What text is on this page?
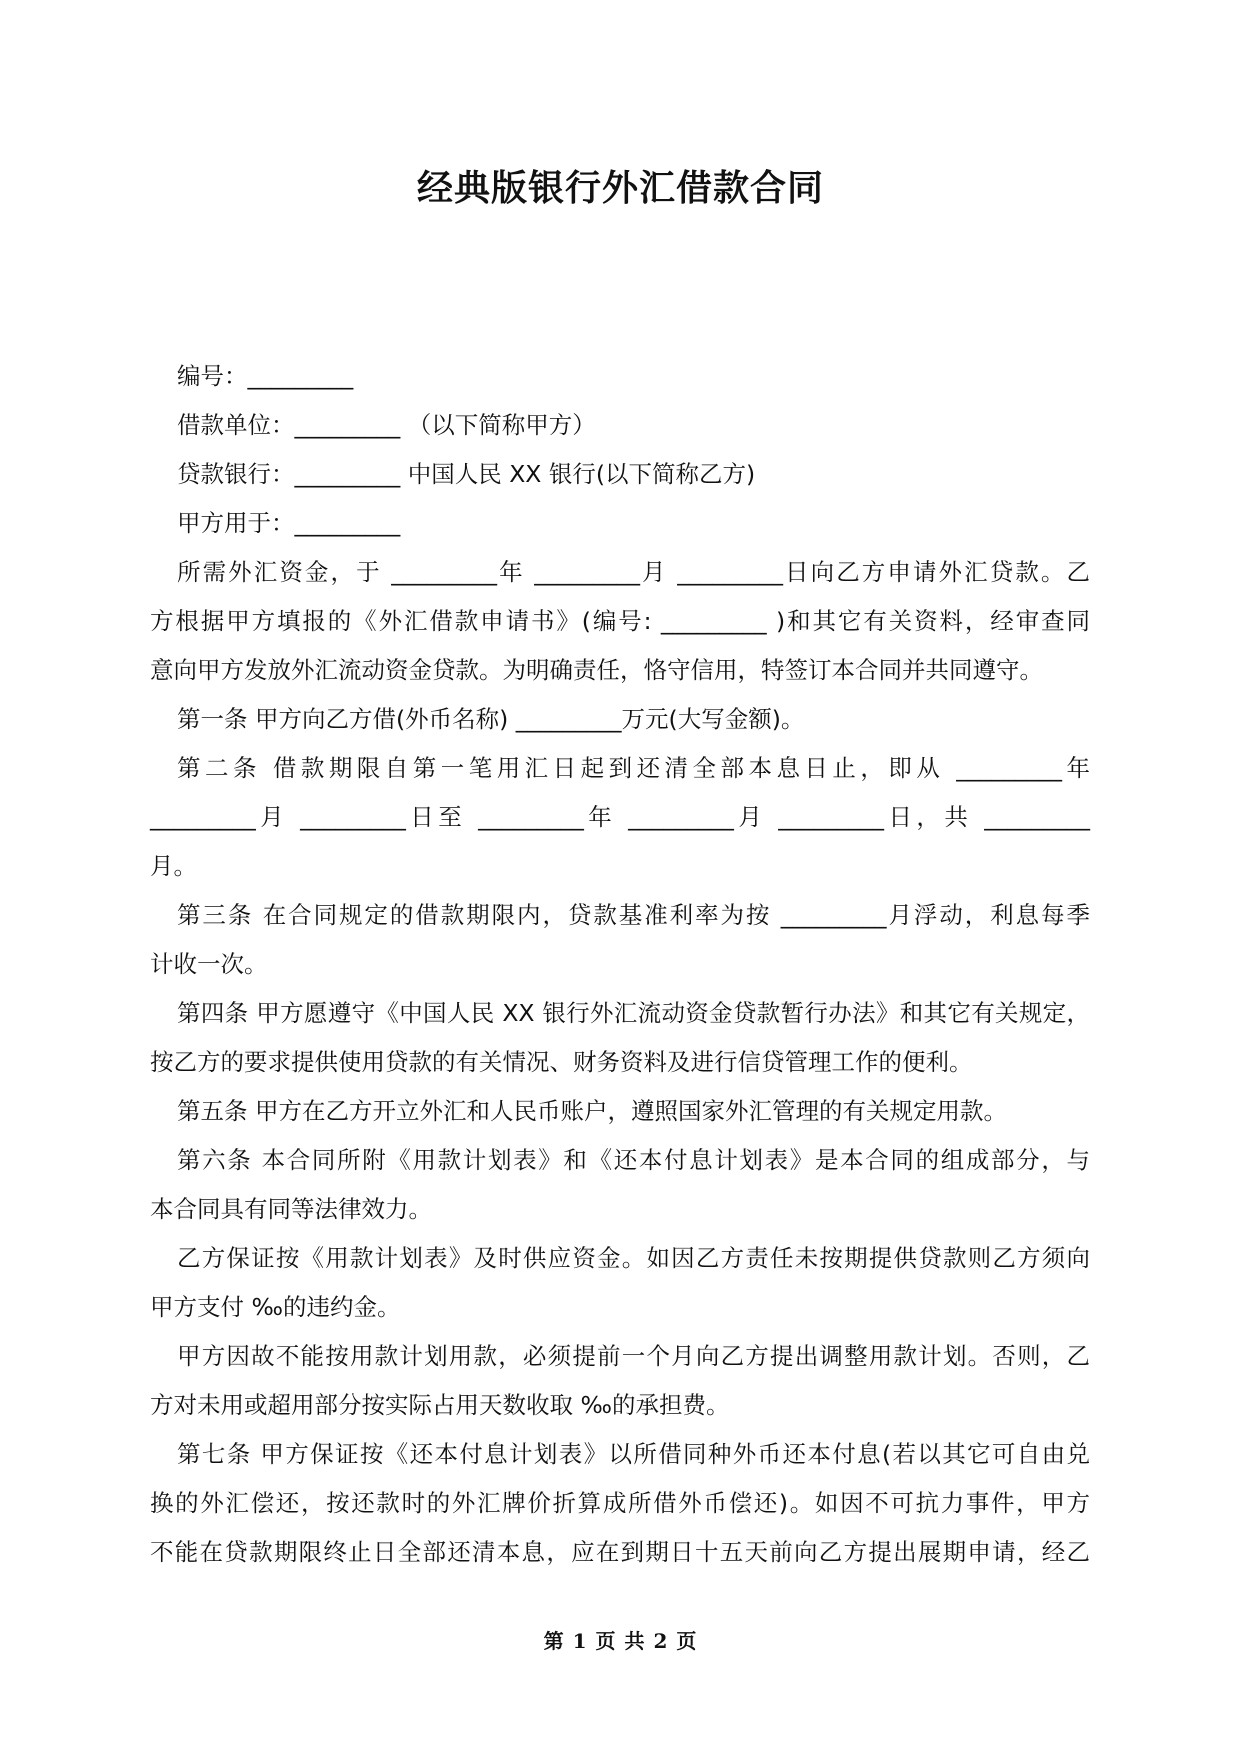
经典版银行外汇借款合同
编号：_________
借款单位：_________ （以下简称甲方）
贷款银行：_________ 中国人民 XX 银行(以下简称乙方)
甲方用于：_________
所需外汇资金，于 _________年 _________月 _________日向乙方申请外汇贷款。乙
方根据甲方填报的《外汇借款申请书》(编号: _________ )和其它有关资料，经审查同
意向甲方发放外汇流动资金贷款。为明确责任，恪守信用，特签订本合同并共同遵守。
第一条 甲方向乙方借(外币名称) _________万元(大写金额)。
第二条 借款期限自第一笔用汇日起到还清全部本息日止，即从 _________年
_________月 _________日至 _________年 _________月 _________日，共 _________
月。
第三条 在合同规定的借款期限内，贷款基准利率为按 _________月浮动，利息每季
计收一次。
第四条 甲方愿遵守《中国人民 XX 银行外汇流动资金贷款暂行办法》和其它有关规定，
按乙方的要求提供使用贷款的有关情况、财务资料及进行信贷管理工作的便利。
第五条 甲方在乙方开立外汇和人民币账户，遵照国家外汇管理的有关规定用款。
第六条 本合同所附《用款计划表》和《还本付息计划表》是本合同的组成部分，与
本合同具有同等法律效力。
乙方保证按《用款计划表》及时供应资金。如因乙方责任未按期提供贷款则乙方须向
甲方支付 ‰的违约金。
甲方因故不能按用款计划用款，必须提前一个月向乙方提出调整用款计划。否则，乙
方对未用或超用部分按实际占用天数收取 ‰的承担费。
第七条 甲方保证按《还本付息计划表》以所借同种外币还本付息(若以其它可自由兑
换的外汇偿还，按还款时的外汇牌价折算成所借外币偿还)。如因不可抗力事件，甲方
不能在贷款期限终止日全部还清本息，应在到期日十五天前向乙方提出展期申请，经乙
第 1 页 共 2 页
